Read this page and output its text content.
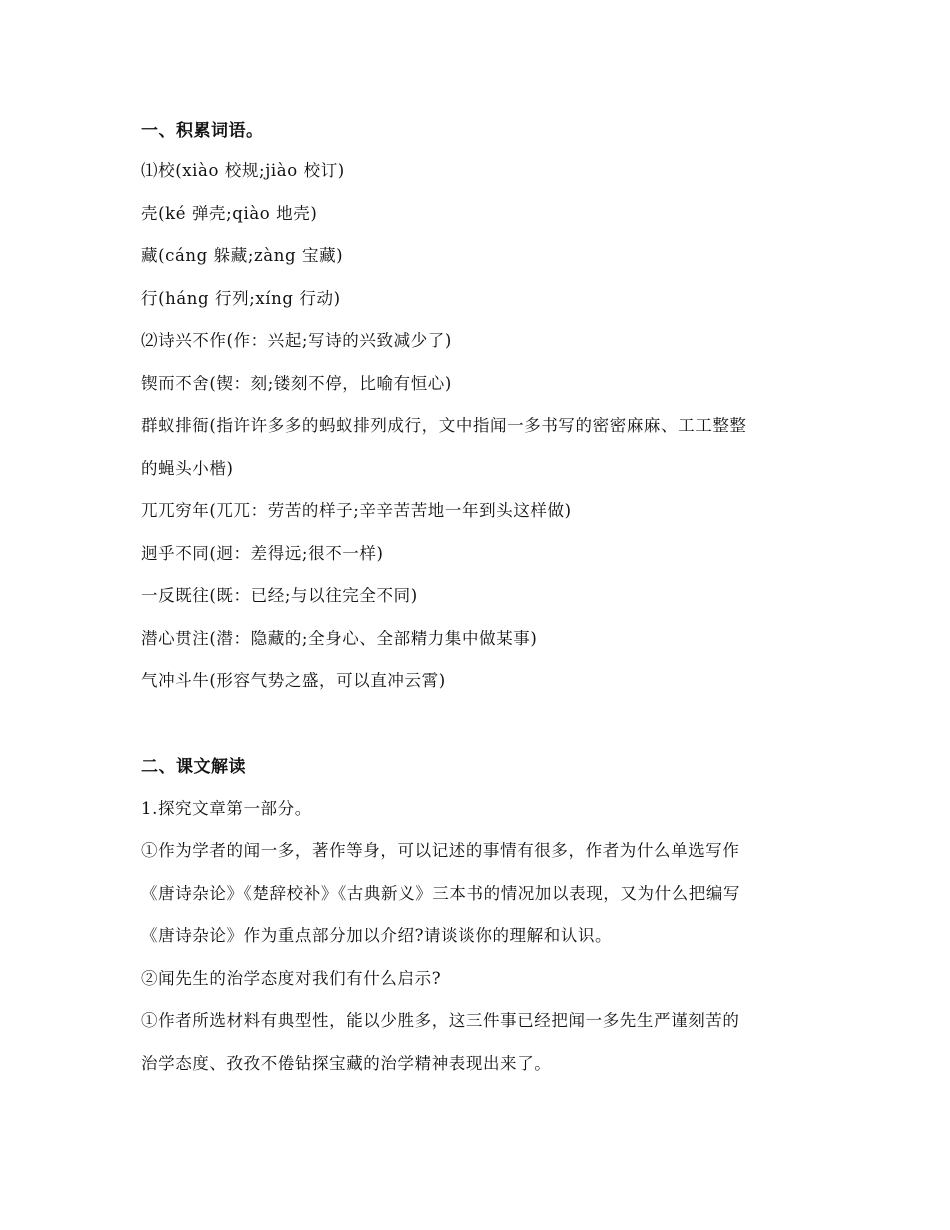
一、积累词语。
⑴校(xiào 校规;jiào 校订)
壳(ké 弹壳;qiào 地壳)
藏(cáng 躲藏;zàng 宝藏)
行(háng 行列;xíng 行动)
⑵诗兴不作(作：兴起;写诗的兴致减少了)
锲而不舍(锲：刻;镂刻不停，比喻有恒心)
群蚁排衙(指许许多多的蚂蚁排列成行，文中指闻一多书写的密密麻麻、工工整整
的蝇头小楷)
兀兀穷年(兀兀：劳苦的样子;辛辛苦苦地一年到头这样做)
迥乎不同(迥：差得远;很不一样)
一反既往(既：已经;与以往完全不同)
潜心贯注(潜：隐藏的;全身心、全部精力集中做某事)
气冲斗牛(形容气势之盛，可以直冲云霄)
二、课文解读
1.探究文章第一部分。
①作为学者的闻一多，著作等身，可以记述的事情有很多，作者为什么单选写作
《唐诗杂论》《楚辞校补》《古典新义》三本书的情况加以表现，又为什么把编写
《唐诗杂论》作为重点部分加以介绍?请谈谈你的理解和认识。
②闻先生的治学态度对我们有什么启示?
①作者所选材料有典型性，能以少胜多，这三件事已经把闻一多先生严谨刻苦的
治学态度、孜孜不倦钻探宝藏的治学精神表现出来了。
